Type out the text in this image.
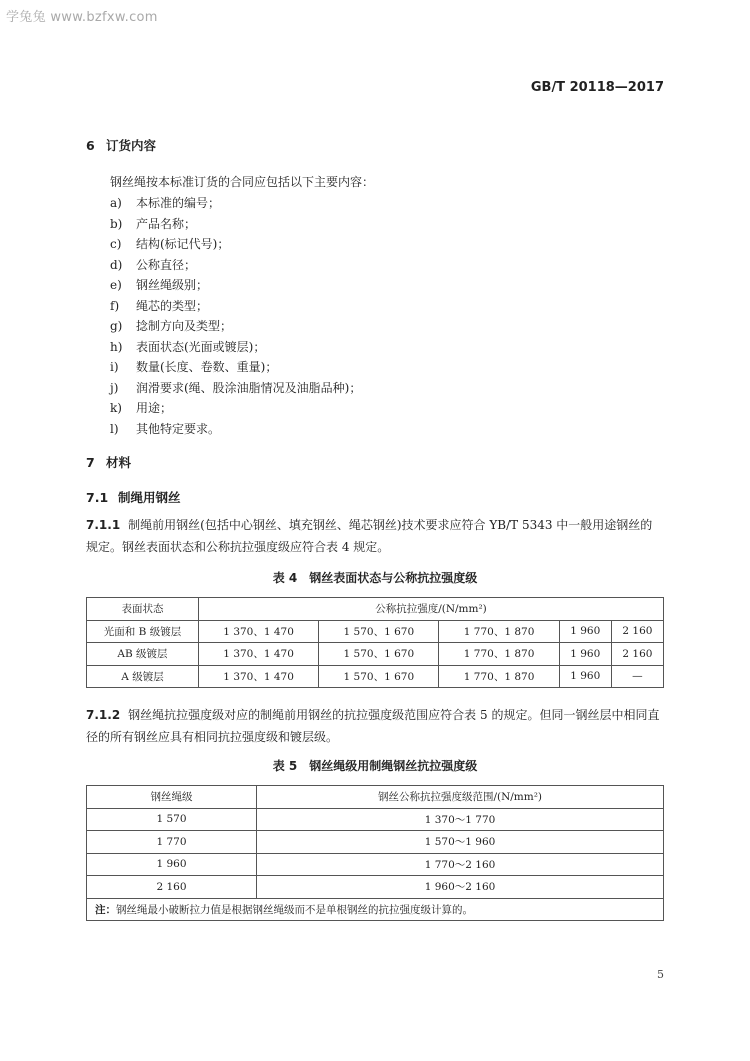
学兔兔 www.bzfxw.com
GB/T 20118—2017
6 订货内容
钢丝绳按本标准订货的合同应包括以下主要内容：
a) 本标准的编号；
b) 产品名称；
c) 结构(标记代号)；
d) 公称直径；
e) 钢丝绳级别；
f) 绳芯的类型；
g) 捻制方向及类型；
h) 表面状态(光面或镀层)；
i) 数量(长度、卷数、重量)；
j) 润滑要求(绳、股涂油脂情况及油脂品种)；
k) 用途；
l) 其他特定要求。
7 材料
7.1 制绳用钢丝
7.1.1 制绳前用钢丝(包括中心钢丝、填充钢丝、绳芯钢丝)技术要求应符合 YB/T 5343 中一般用途钢丝的规定。钢丝表面状态和公称抗拉强度级应符合表 4 规定。
表 4 钢丝表面状态与公称抗拉强度级
表面状态	公称抗拉强度/(N/mm²)				
光面和 B 级镀层	1 370、1 470	1 570、1 670	1 770、1 870	1 960	2 160
AB 级镀层	1 370、1 470	1 570、1 670	1 770、1 870	1 960	2 160
A 级镀层	1 370、1 470	1 570、1 670	1 770、1 870	1 960	—
7.1.2 钢丝绳抗拉强度级对应的制绳前用钢丝的抗拉强度级范围应符合表 5 的规定。但同一钢丝层中相同直径的所有钢丝应具有相同抗拉强度级和镀层级。
表 5 钢丝绳级用制绳钢丝抗拉强度级
钢丝绳级	钢丝公称抗拉强度级范围/(N/mm²)
1 570	1 370～1 770
1 770	1 570～1 960
1 960	1 770～2 160
2 160	1 960～2 160
注：钢丝绳最小破断拉力值是根据钢丝绳级而不是单根钢丝的抗拉强度级计算的。	
5
